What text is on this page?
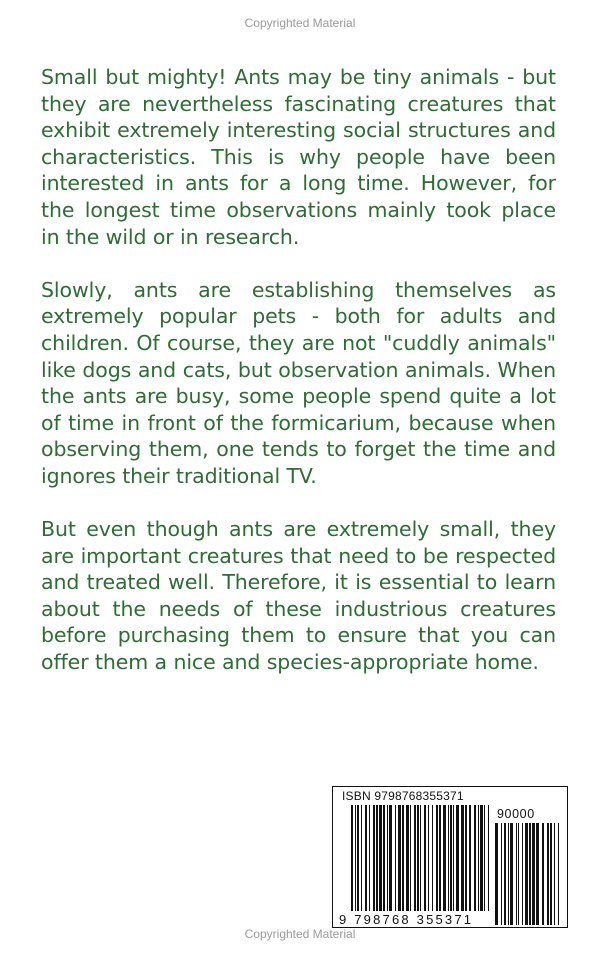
Copyrighted Material

Small but mighty! Ants may be tiny animals - but they are nevertheless fascinating creatures that exhibit extremely interesting social structures and characteristics. This is why people have been interested in ants for a long time. However, for the longest time observations mainly took place in the wild or in research.

Slowly, ants are establishing themselves as extremely popular pets - both for adults and children. Of course, they are not "cuddly animals" like dogs and cats, but observation animals. When the ants are busy, some people spend quite a lot of time in front of the formicarium, because when observing them, one tends to forget the time and ignores their traditional TV.

But even though ants are extremely small, they are important creatures that need to be respected and treated well. Therefore, it is essential to learn about the needs of these industrious creatures before purchasing them to ensure that you can offer them a nice and species-appropriate home.

ISBN 9798768355371
90000
9 798768 355371
Copyrighted Material
